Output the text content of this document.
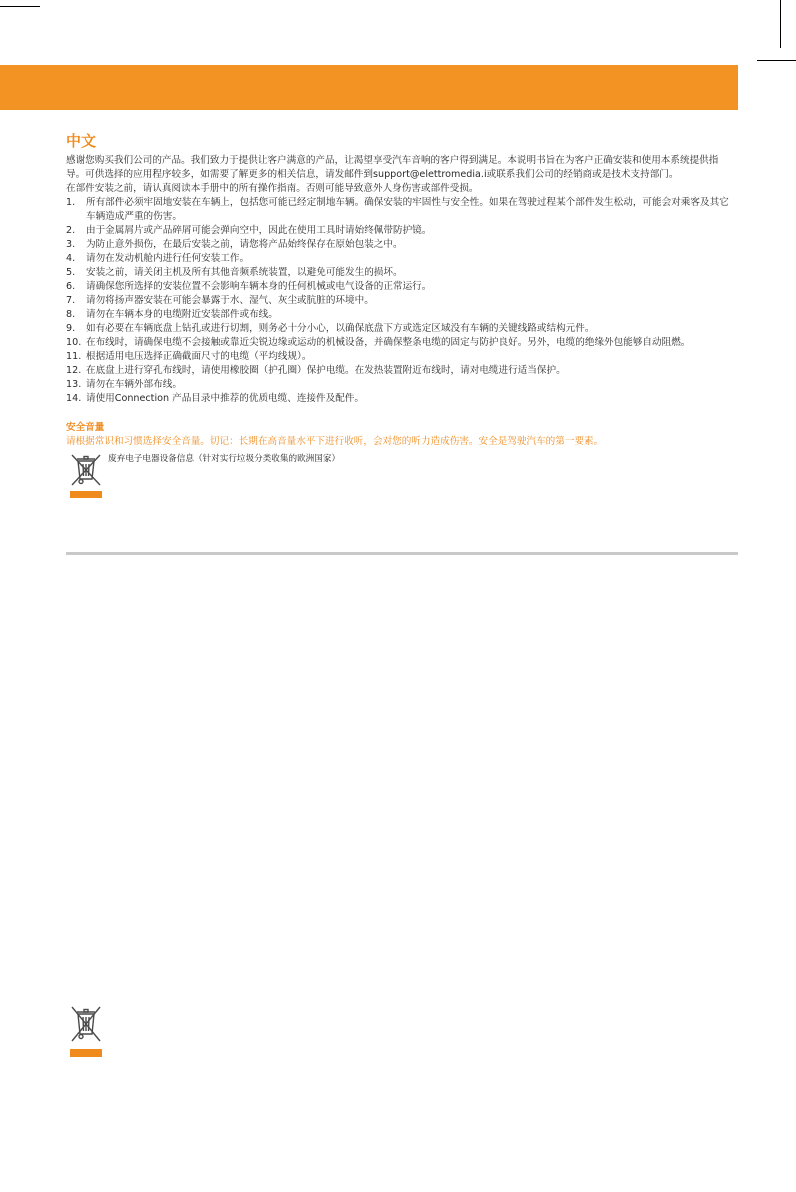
中文

感谢您购买我们公司的产品。我们致力于提供让客户满意的产品，让渴望享受汽车音响的客户得到满足。本说明书旨在为客户正确安装和使用本系统提供指导。可供选择的应用程序较多，如需要了解更多的相关信息，请发邮件到support@elettromedia.i或联系我们公司的经销商或是技术支持部门。

在部件安装之前，请认真阅读本手册中的所有操作指南。否则可能导致意外人身伤害或部件受损。

1. 所有部件必须牢固地安装在车辆上，包括您可能已经定制地车辆。确保安装的牢固性与安全性。如果在驾驶过程某个部件发生松动，可能会对乘客及其它车辆造成严重的伤害。
2. 由于金属屑片或产品碎屑可能会弹向空中，因此在使用工具时请始终佩带防护镜。
3. 为防止意外损伤，在最后安装之前，请您将产品始终保存在原始包装之中。
4. 请勿在发动机舱内进行任何安装工作。
5. 安装之前，请关闭主机及所有其他音频系统装置，以避免可能发生的损坏。
6. 请确保您所选择的安装位置不会影响车辆本身的任何机械或电气设备的正常运行。
7. 请勿将扬声器安装在可能会暴露于水、湿气、灰尘或肮脏的环境中。
8. 请勿在车辆本身的电缆附近安装部件或布线。
9. 如有必要在车辆底盘上钻孔或进行切割，则务必十分小心，以确保底盘下方或选定区域没有车辆的关键线路或结构元件。
10. 在布线时，请确保电缆不会接触或靠近尖锐边缘或运动的机械设备，并确保整条电缆的固定与防护良好。另外，电缆的绝缘外包能够自动阻燃。
11. 根据适用电压选择正确截面尺寸的电缆（平均线规）。
12. 在底盘上进行穿孔布线时，请使用橡胶圈（护孔圈）保护电缆。在发热装置附近布线时，请对电缆进行适当保护。
13. 请勿在车辆外部布线。
14. 请使用Connection 产品目录中推荐的优质电缆、连接件及配件。
安全音量
请根据常识和习惯选择安全音量。切记：长期在高音量水平下进行收听，会对您的听力造成伤害。安全是驾驶汽车的第一要素。
废弃电子电器设备信息（针对实行垃圾分类收集的欧洲国家）
